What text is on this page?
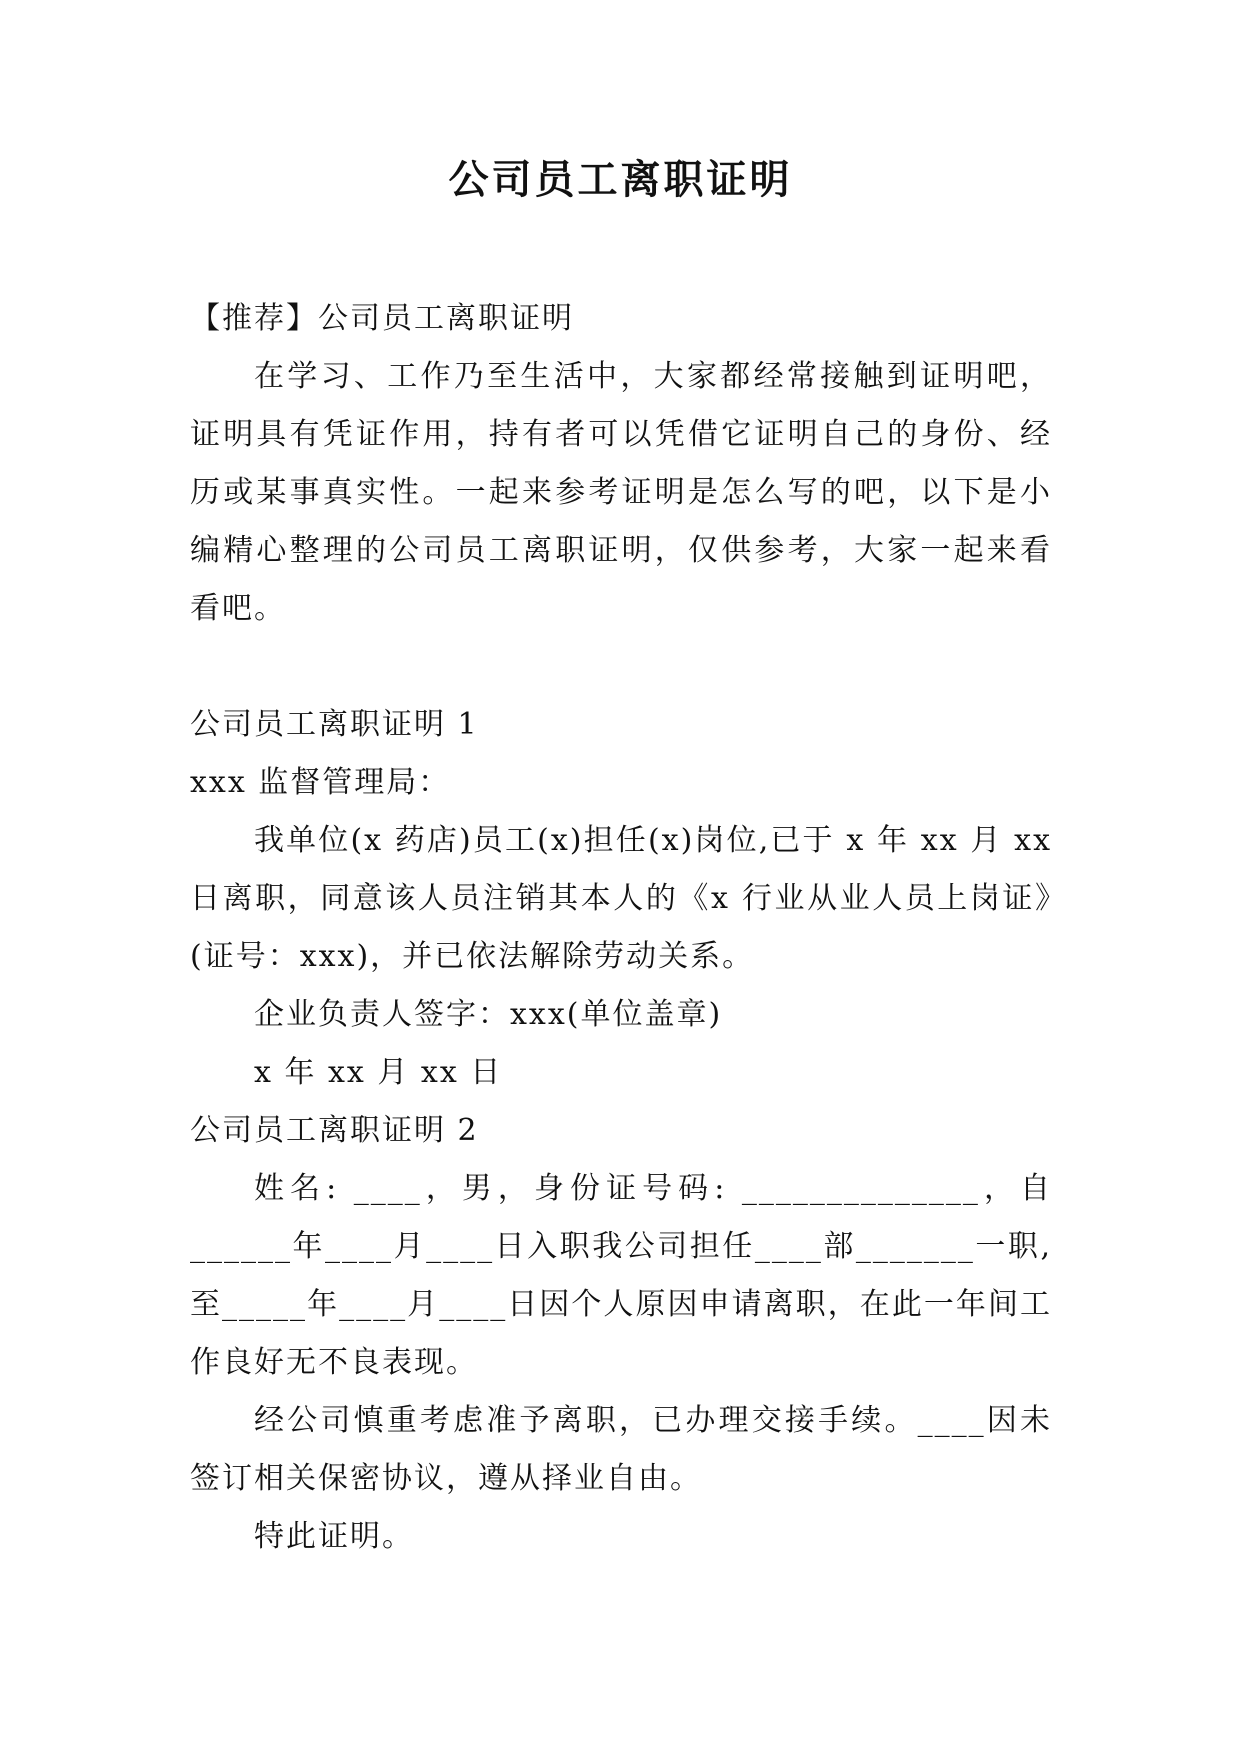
公司员工离职证明

【推荐】公司员工离职证明

在学习、工作乃至生活中，大家都经常接触到证明吧，证明具有凭证作用，持有者可以凭借它证明自己的身份、经历或某事真实性。一起来参考证明是怎么写的吧，以下是小编精心整理的公司员工离职证明，仅供参考，大家一起来看看吧。

公司员工离职证明 1

xxx 监督管理局：

我单位(x 药店)员工(x)担任(x)岗位,已于 x 年 xx 月 xx 日离职，同意该人员注销其本人的《x 行业从业人员上岗证》(证号：xxx)，并已依法解除劳动关系。

企业负责人签字：xxx(单位盖章)

x 年 xx 月 xx 日

公司员工离职证明 2

姓名: ____，男，身份证号码: ______________，自______年____月____日入职我公司担任____部_______一职,至_____年____月____日因个人原因申请离职，在此一年间工作良好无不良表现。

经公司慎重考虑准予离职，已办理交接手续。____因未签订相关保密协议，遵从择业自由。

特此证明。
